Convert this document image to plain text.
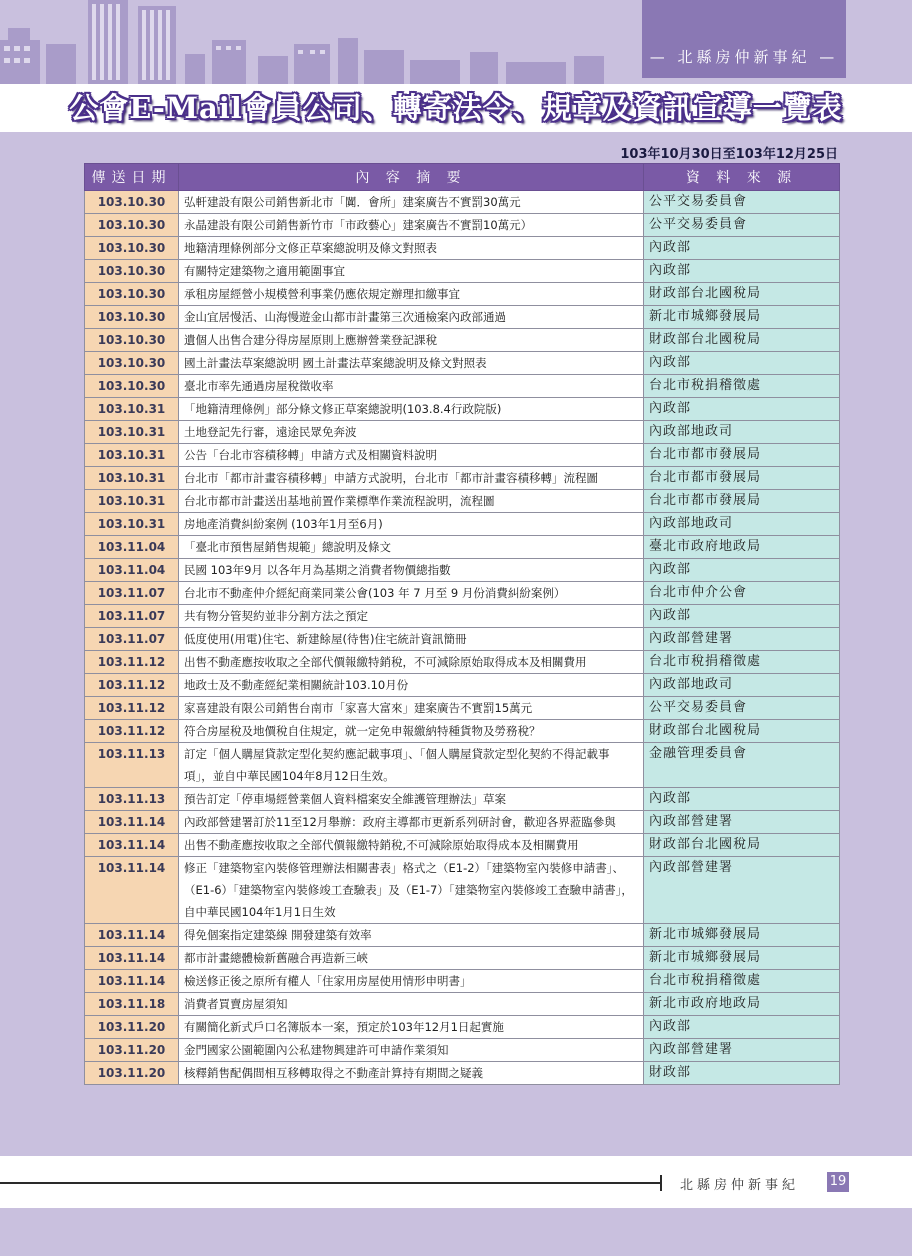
— 北縣房仲新事紀 —
公會E-Mail會員公司、轉寄法令、規章及資訊宣導一覽表
103年10月30日至103年12月25日
傳送日期	內 容 摘 要	資 料 來 源
103.10.30	弘軒建設有限公司銷售新北市「闐．會所」建案廣告不實罰30萬元	公平交易委員會
103.10.30	永晶建設有限公司銷售新竹市「市政藝心」建案廣告不實罰10萬元）	公平交易委員會
103.10.30	地籍清理條例部分文修正草案總說明及條文對照表	內政部
103.10.30	有關特定建築物之適用範圍事宜	內政部
103.10.30	承租房屋經營小規模營利事業仍應依規定辦理扣繳事宜	財政部台北國稅局
103.10.30	金山宜居慢活、山海慢遊金山都市計畫第三次通檢案內政部通過	新北市城鄉發展局
103.10.30	遺個人出售合建分得房屋原則上應辦營業登記課稅	財政部台北國稅局
103.10.30	國土計畫法草案總說明 國土計畫法草案總說明及條文對照表	內政部
103.10.30	臺北市率先通過房屋稅徵收率	台北市稅捐稽徵處
103.10.31	「地籍清理條例」部分條文修正草案總說明(103.8.4行政院版)	內政部
103.10.31	土地登記先行審，遠途民眾免奔波	內政部地政司
103.10.31	公告「台北市容積移轉」申請方式及相關資料說明	台北市都市發展局
103.10.31	台北市「都市計畫容積移轉」申請方式說明，台北市「都市計畫容積移轉」流程圖	台北市都市發展局
103.10.31	台北市都市計畫送出基地前置作業標準作業流程說明，流程圖	台北市都市發展局
103.10.31	房地產消費糾紛案例 (103年1月至6月)	內政部地政司
103.11.04	「臺北市預售屋銷售規範」總說明及條文	臺北市政府地政局
103.11.04	民國 103年9月 以各年月為基期之消費者物價總指數	內政部
103.11.07	台北市不動產仲介經紀商業同業公會(103 年 7 月至 9 月份消費糾紛案例）	台北市仲介公會
103.11.07	共有物分管契約並非分割方法之預定	內政部
103.11.07	低度使用(用電)住宅、新建餘屋(待售)住宅統計資訊簡冊	內政部營建署
103.11.12	出售不動產應按收取之全部代價報繳特銷稅，不可減除原始取得成本及相關費用	台北市稅捐稽徵處
103.11.12	地政士及不動產經紀業相關統計103.10月份	內政部地政司
103.11.12	家喜建設有限公司銷售台南市「家喜大富來」建案廣告不實罰15萬元	公平交易委員會
103.11.12	符合房屋稅及地價稅自住規定，就一定免申報繳納特種貨物及勞務稅？	財政部台北國稅局
103.11.13	訂定「個人購屋貸款定型化契約應記載事項」、「個人購屋貸款定型化契約不得記載事項」，並自中華民國104年8月12日生效。	金融管理委員會
103.11.13	預告訂定「停車場經營業個人資料檔案安全維護管理辦法」草案	內政部
103.11.14	內政部營建署訂於11至12月舉辦：政府主導都市更新系列研討會，歡迎各界蒞臨參與	內政部營建署
103.11.14	出售不動產應按收取之全部代價報繳特銷稅,不可減除原始取得成本及相關費用	財政部台北國稅局
103.11.14	修正「建築物室內裝修管理辦法相關書表」格式之（E1-2）「建築物室內裝修申請書」、（E1-6）「建築物室內裝修竣工查驗表」及（E1-7）「建築物室內裝修竣工查驗申請書」，自中華民國104年1月1日生效	內政部營建署
103.11.14	得免個案指定建築線 開發建築有效率	新北市城鄉發展局
103.11.14	都市計畫總體檢新舊融合再造新三峽	新北市城鄉發展局
103.11.14	檢送修正後之原所有權人「住家用房屋使用情形申明書」	台北市稅捐稽徵處
103.11.18	消費者買賣房屋須知	新北市政府地政局
103.11.20	有關簡化新式戶口名簿版本一案，預定於103年12月1日起實施	內政部
103.11.20	金門國家公園範圍內公私建物興建許可申請作業須知	內政部營建署
103.11.20	核釋銷售配偶間相互移轉取得之不動產計算持有期間之疑義	財政部
北縣房仲新事紀 19
